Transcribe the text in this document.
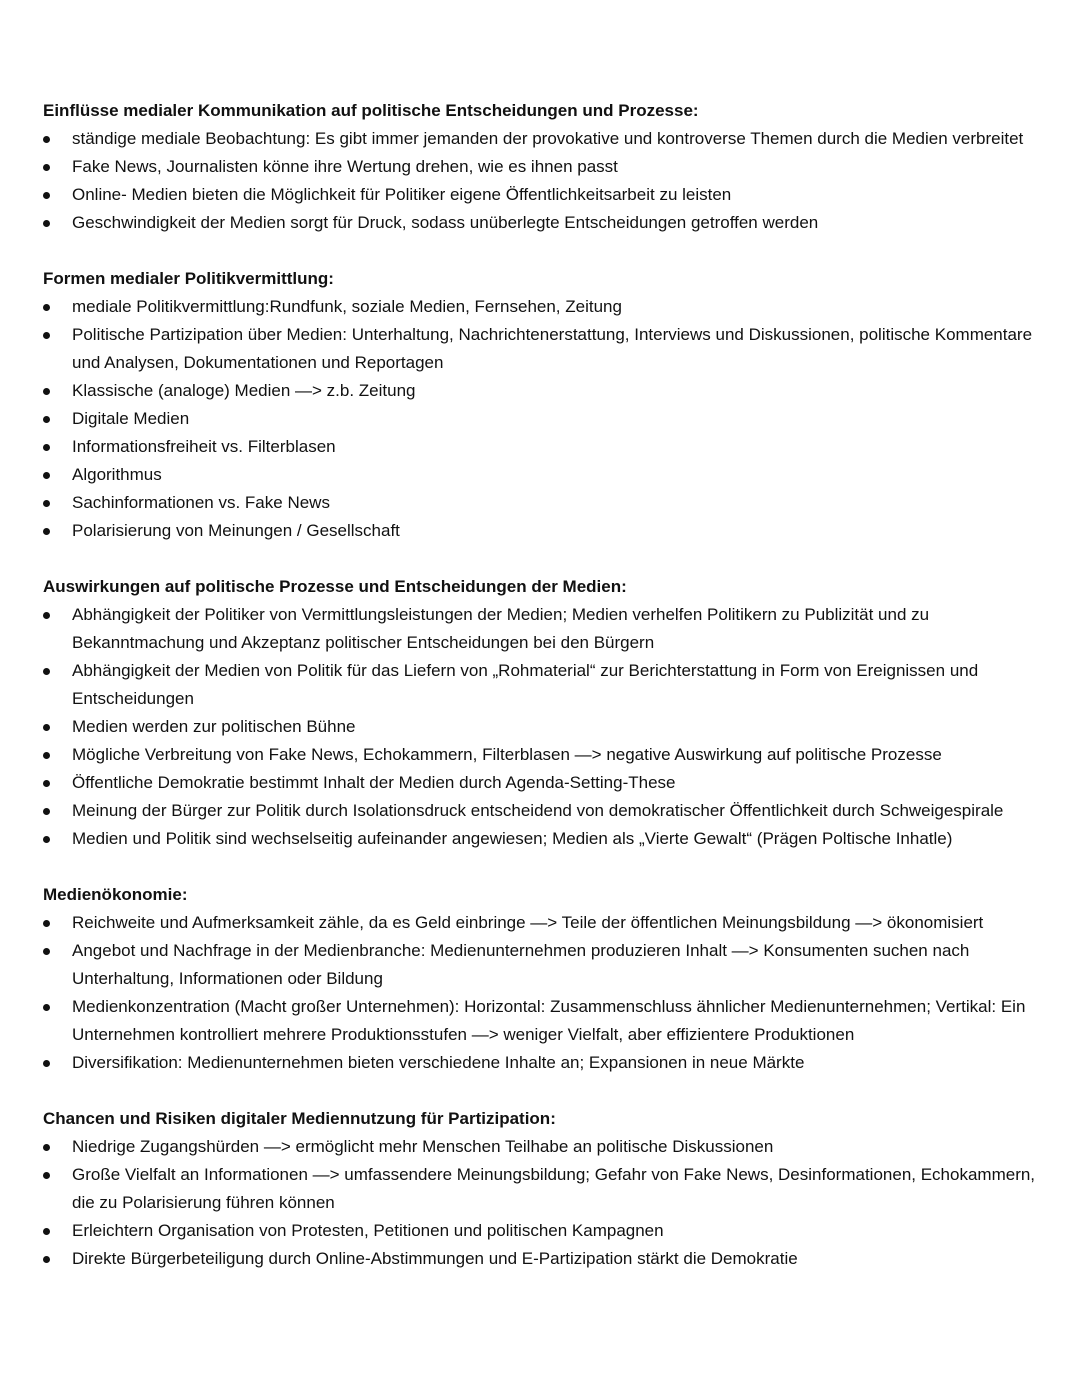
Einflüsse medialer Kommunikation auf politische Entscheidungen und Prozesse:
ständige mediale Beobachtung: Es gibt immer jemanden der provokative und kontroverse Themen durch die Medien verbreitet
Fake News, Journalisten könne ihre Wertung drehen, wie es ihnen passt
Online- Medien bieten die Möglichkeit für Politiker eigene Öffentlichkeitsarbeit zu leisten
Geschwindigkeit der Medien sorgt für Druck, sodass unüberlegte Entscheidungen getroffen werden
Formen medialer Politikvermittlung:
mediale Politikvermittlung:Rundfunk, soziale Medien, Fernsehen, Zeitung
Politische Partizipation über Medien: Unterhaltung, Nachrichtenerstattung, Interviews und Diskussionen, politische Kommentare und Analysen, Dokumentationen und Reportagen
Klassische (analoge) Medien —> z.b. Zeitung
Digitale Medien
Informationsfreiheit vs. Filterblasen
Algorithmus
Sachinformationen vs. Fake News
Polarisierung von Meinungen / Gesellschaft
Auswirkungen auf politische Prozesse und Entscheidungen der Medien:
Abhängigkeit der Politiker von Vermittlungsleistungen der Medien; Medien verhelfen Politikern zu Publizität und zu Bekanntmachung und Akzeptanz politischer Entscheidungen bei den Bürgern
Abhängigkeit der Medien von Politik für das Liefern von „Rohmaterial“ zur Berichterstattung in Form von Ereignissen und Entscheidungen
Medien werden zur politischen Bühne
Mögliche Verbreitung von Fake News, Echokammern, Filterblasen —> negative Auswirkung auf politische Prozesse
Öffentliche Demokratie bestimmt Inhalt der Medien durch Agenda-Setting-These
Meinung der Bürger zur Politik durch Isolationsdruck entscheidend von demokratischer Öffentlichkeit durch Schweigespirale
Medien und Politik sind wechselseitig aufeinander angewiesen; Medien als „Vierte Gewalt“ (Prägen Poltische Inhatle)
Medienökonomie:
Reichweite und Aufmerksamkeit zähle, da es Geld einbringe —> Teile der öffentlichen Meinungsbildung —> ökonomisiert
Angebot und Nachfrage in der Medienbranche: Medienunternehmen produzieren Inhalt —> Konsumenten suchen nach Unterhaltung, Informationen oder Bildung
Medienkonzentration (Macht großer Unternehmen): Horizontal: Zusammenschluss ähnlicher Medienunternehmen; Vertikal: Ein Unternehmen kontrolliert mehrere Produktionsstufen —> weniger Vielfalt, aber effizientere Produktionen
Diversifikation: Medienunternehmen bieten verschiedene Inhalte an; Expansionen in neue Märkte
Chancen und Risiken digitaler Mediennutzung für Partizipation:
Niedrige Zugangshürden —> ermöglicht mehr Menschen Teilhabe an politische Diskussionen
Große Vielfalt an Informationen —> umfassendere Meinungsbildung; Gefahr von Fake News, Desinformationen, Echokammern, die zu Polarisierung führen können
Erleichtern Organisation von Protesten, Petitionen und politischen Kampagnen
Direkte Bürgerbeteiligung durch Online-Abstimmungen und E-Partizipation stärkt die Demokratie
